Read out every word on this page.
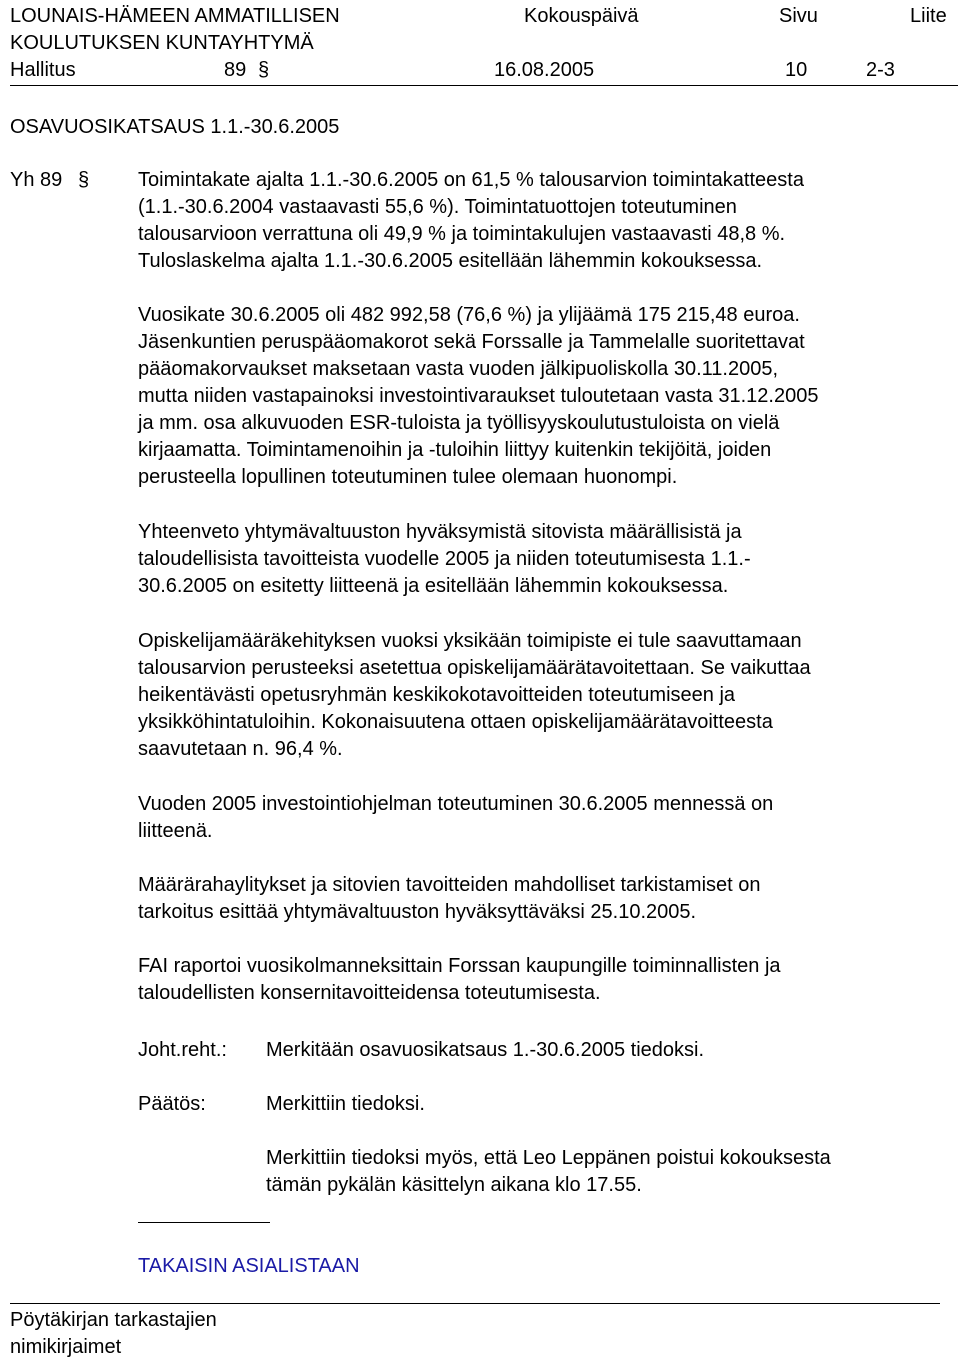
LOUNAIS-HÄMEEN AMMATILLISEN	Kokouspäivä	Sivu	Liite
KOULUTUKSEN KUNTAYHTYMÄ
Hallitus	89 §	16.08.2005	10	2-3
OSAVUOSIKATSAUS 1.1.-30.6.2005
Yh 89 § Toimintakate ajalta 1.1.-30.6.2005 on 61,5 % talousarvion toimintakatteesta
(1.1.-30.6.2004 vastaavasti 55,6 %). Toimintatuottojen toteutuminen
talousarvioon verrattuna oli 49,9 % ja toimintakulujen vastaavasti 48,8 %.
Tuloslaskelma ajalta 1.1.-30.6.2005 esitellään lähemmin kokouksessa.
Vuosikate 30.6.2005 oli 482 992,58 (76,6 %) ja ylijäämä 175 215,48 euroa.
Jäsenkuntien peruspääomakorot sekä Forssalle ja Tammelalle suoritettavat
pääomakorvaukset maksetaan vasta vuoden jälkipuoliskolla 30.11.2005,
mutta niiden vastapainoksi investointivaraukset tuloutetaan vasta 31.12.2005
ja mm. osa alkuvuoden ESR-tuloista ja työllisyyskoulutustuloista on vielä
kirjaamatta. Toimintamenoihin ja -tuloihin liittyy kuitenkin tekijöitä, joiden
perusteella lopullinen toteutuminen tulee olemaan huonompi.
Yhteenveto yhtymävaltuuston hyväksymistä sitovista määrällisistä ja
taloudellisista tavoitteista vuodelle 2005 ja niiden toteutumisesta 1.1.-
30.6.2005 on esitetty liitteenä ja esitellään lähemmin kokouksessa.
Opiskelijamääräkehityksen vuoksi yksikään toimipiste ei tule saavuttamaan
talousarvion perusteeksi asetettua opiskelijamäärätavoitettaan. Se vaikuttaa
heikentävästi opetusryhmän keskikokotavoitteiden toteutumiseen ja
yksikköhintatuloihin. Kokonaisuutena ottaen opiskelijamäärätavoitteesta
saavutetaan n. 96,4 %.
Vuoden 2005 investointiohjelman toteutuminen 30.6.2005 mennessä on
liitteenä.
Määrärahaylitykset ja sitovien tavoitteiden mahdolliset tarkistamiset on
tarkoitus esittää yhtymävaltuuston hyväksyttäväksi 25.10.2005.
FAI raportoi vuosikolmanneksittain Forssan kaupungille toiminnallisten ja
taloudellisten konsernitavoitteidensa toteutumisesta.
Joht.reht.: Merkitään osavuosikatsaus 1.-30.6.2005 tiedoksi.
Päätös:	Merkittiin tiedoksi.
Merkittiin tiedoksi myös, että Leo Leppänen poistui kokouksesta
tämän pykälän käsittelyn aikana klo 17.55.
TAKAISIN ASIALISTAAN
Pöytäkirjan tarkastajien
nimikirjaimet
